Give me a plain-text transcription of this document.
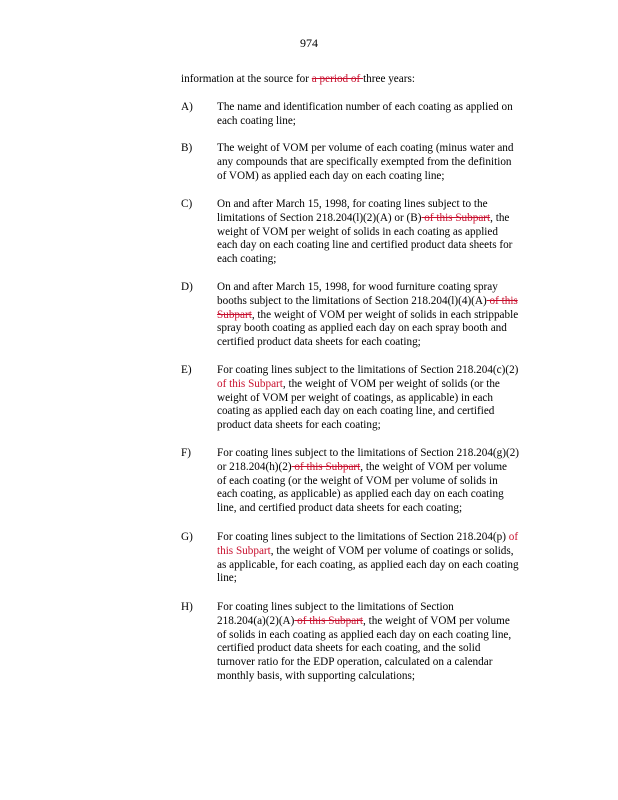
974
information at the source for a period of three years:
A) The name and identification number of each coating as applied on
each coating line;
B) The weight of VOM per volume of each coating (minus water and
any compounds that are specifically exempted from the definition
of VOM) as applied each day on each coating line;
C) On and after March 15, 1998, for coating lines subject to the
limitations of Section 218.204(l)(2)(A) or (B) of this Subpart, the
weight of VOM per weight of solids in each coating as applied
each day on each coating line and certified product data sheets for
each coating;
D) On and after March 15, 1998, for wood furniture coating spray
booths subject to the limitations of Section 218.204(l)(4)(A) of this
Subpart, the weight of VOM per weight of solids in each strippable
spray booth coating as applied each day on each spray booth and
certified product data sheets for each coating;
E) For coating lines subject to the limitations of Section 218.204(c)(2)
of this Subpart, the weight of VOM per weight of solids (or the
weight of VOM per weight of coatings, as applicable) in each
coating as applied each day on each coating line, and certified
product data sheets for each coating;
F) For coating lines subject to the limitations of Section 218.204(g)(2)
or 218.204(h)(2) of this Subpart, the weight of VOM per volume
of each coating (or the weight of VOM per volume of solids in
each coating, as applicable) as applied each day on each coating
line, and certified product data sheets for each coating;
G) For coating lines subject to the limitations of Section 218.204(p) of
this Subpart, the weight of VOM per volume of coatings or solids,
as applicable, for each coating, as applied each day on each coating
line;
H) For coating lines subject to the limitations of Section
218.204(a)(2)(A) of this Subpart, the weight of VOM per volume
of solids in each coating as applied each day on each coating line,
certified product data sheets for each coating, and the solid
turnover ratio for the EDP operation, calculated on a calendar
monthly basis, with supporting calculations;
